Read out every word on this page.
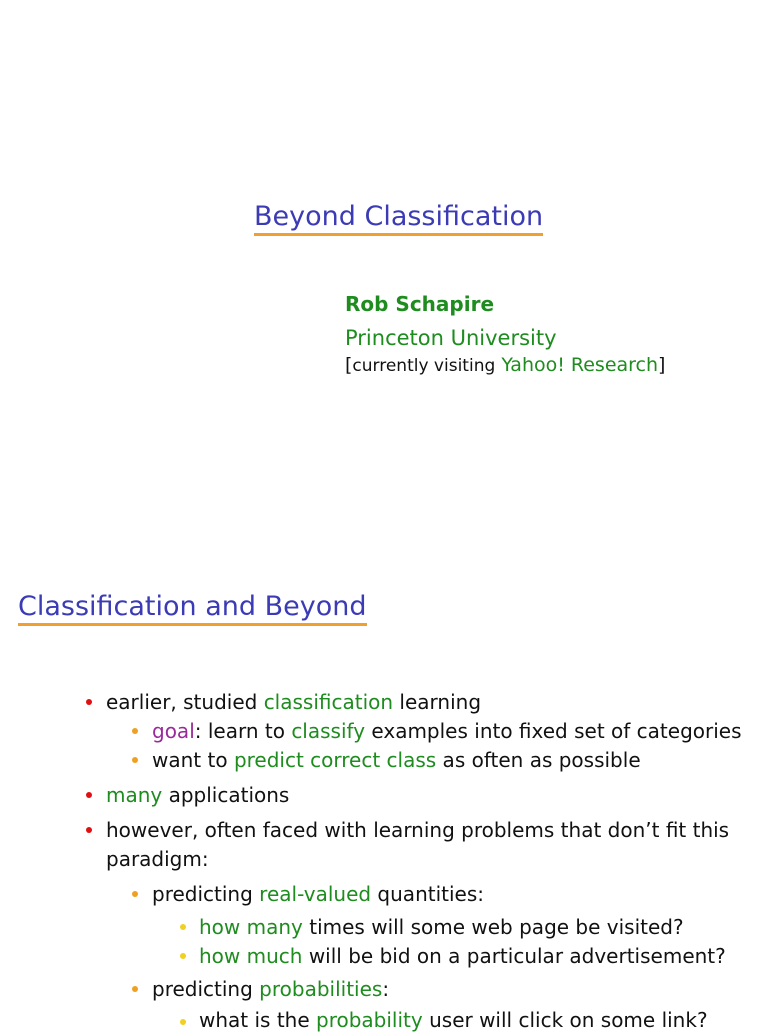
Beyond Classification
Rob Schapire
Princeton University
[currently visiting Yahoo! Research]
Classification and Beyond
earlier, studied classification learning
goal: learn to classify examples into fixed set of categories
want to predict correct class as often as possible
many applications
however, often faced with learning problems that don’t fit this
paradigm:
predicting real-valued quantities:
how many times will some web page be visited?
how much will be bid on a particular advertisement?
predicting probabilities:
what is the probability user will click on some link?
